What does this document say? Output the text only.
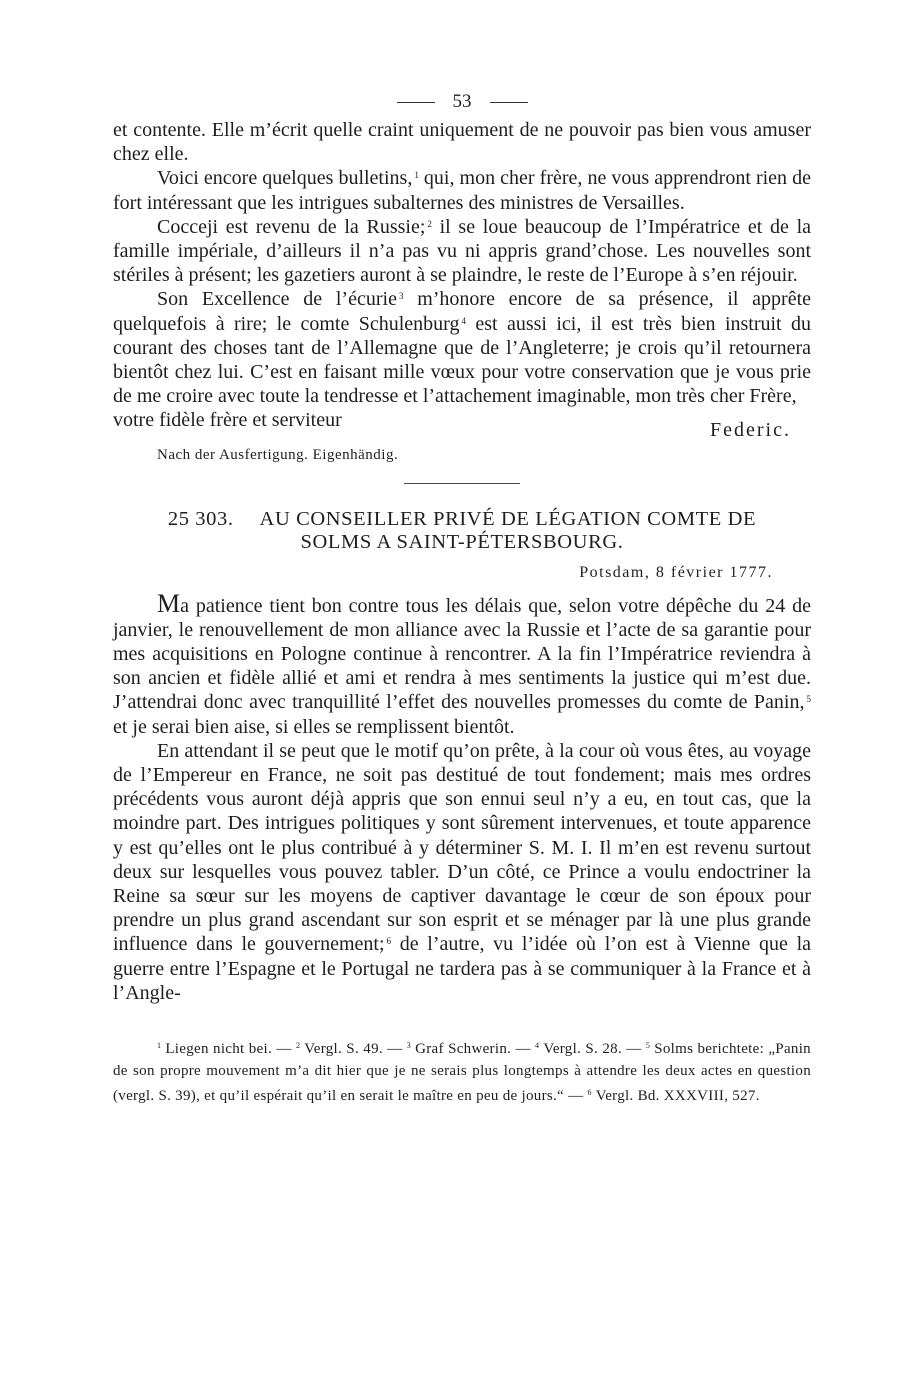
53

et contente. Elle m’écrit quelle craint uniquement de ne pouvoir pas bien vous amuser chez elle.

Voici encore quelques bulletins, $^1$ qui, mon cher frère, ne vous apprendront rien de fort intéressant que les intrigues subalternes des ministres de Versailles.

Cocceji est revenu de la Russie; $^2$ il se loue beaucoup de l’Impératrice et de la famille impériale, d’ailleurs il n’a pas vu ni appris grand’chose. Les nouvelles sont stériles à présent; les gazetiers auront à se plaindre, le reste de l’Europe à s’en réjouir.

Son Excellence de l’écurie $^3$ m’honore encore de sa présence, il apprête quelquefois à rire; le comte Schulenburg $^4$ est aussi ici, il est très bien instruit du courant des choses tant de l’Allemagne que de l’Angleterre; je crois qu’il retournera bientôt chez lui. C’est en faisant mille vœux pour votre conservation que je vous prie de me croire avec toute la tendresse et l’attachement imaginable, mon très cher Frère,

votre fidèle frère et serviteur	Federic.
Nach der Ausfertigung. Eigenhändig.
25 303. AU CONSEILLER PRIVÉ DE LÉGATION COMTE DE
SOLMS A SAINT-PÉTERSBOURG.
Potsdam, 8 février 1777.

Ma patience tient bon contre tous les délais que, selon votre dépêche du 24 de janvier, le renouvellement de mon alliance avec la Russie et l’acte de sa garantie pour mes acquisitions en Pologne continue à rencontrer. A la fin l’Impératrice reviendra à son ancien et fidèle allié et ami et rendra à mes sentiments la justice qui m’est due. J’attendrai donc avec tranquillité l’effet des nouvelles promesses du comte de Panin, $^5$ et je serai bien aise, si elles se remplissent bientôt.

En attendant il se peut que le motif qu’on prête, à la cour où vous êtes, au voyage de l’Empereur en France, ne soit pas destitué de tout fondement; mais mes ordres précédents vous auront déjà appris que son ennui seul n’y a eu, en tout cas, que la moindre part. Des intrigues politiques y sont sûrement intervenues, et toute apparence y est qu’elles ont le plus contribué à y déterminer S. M. I. Il m’en est revenu surtout deux sur lesquelles vous pouvez tabler. D’un côté, ce Prince a voulu endoctriner la Reine sa sœur sur les moyens de captiver davantage le cœur de son époux pour prendre un plus grand ascendant sur son esprit et se ménager par là une plus grande influence dans le gouvernement; $^6$ de l’autre, vu l’idée où l’on est à Vienne que la guerre entre l’Espagne et le Portugal ne tardera pas à se communiquer à la France et à l’Angle-

$^1$ Liegen nicht bei. — $^2$ Vergl. S. 49. — $^3$ Graf Schwerin. — $^4$ Vergl. S. 28. — $^5$ Solms berichtete: „Panin de son propre mouvement m’a dit hier que je ne serais plus longtemps à attendre les deux actes en question (vergl. S. 39), et qu’il espérait qu’il en serait le maître en peu de jours.“ — $^6$ Vergl. Bd. XXXVIII, 527.
